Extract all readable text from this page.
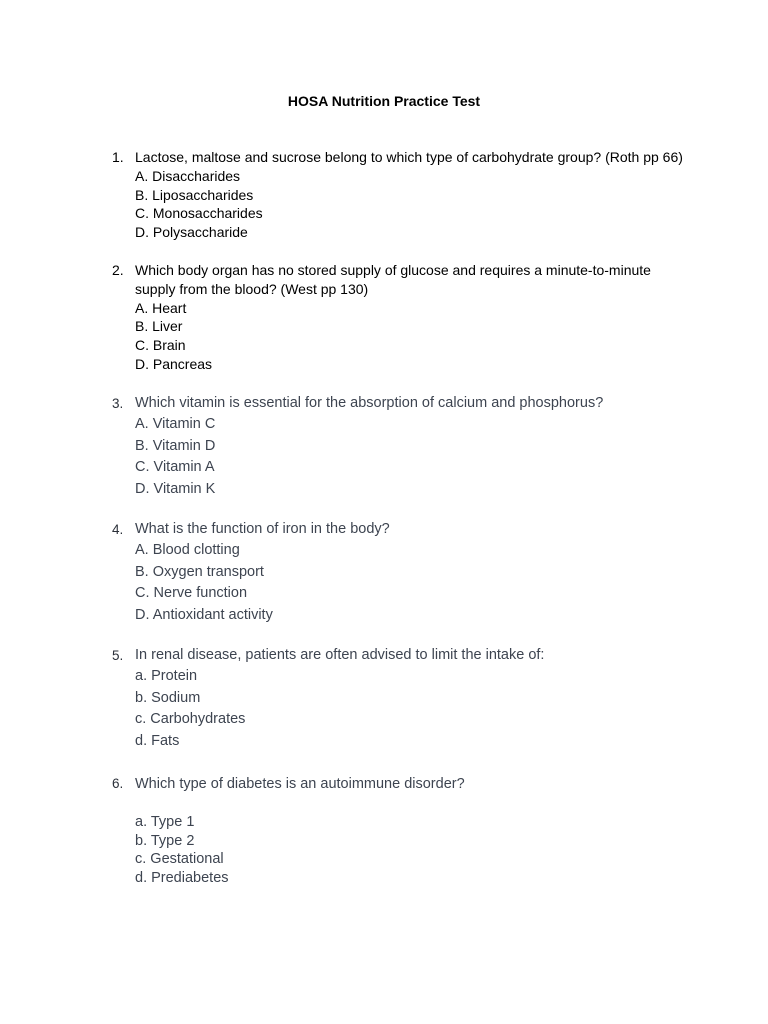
HOSA Nutrition Practice Test
1. Lactose, maltose and sucrose belong to which type of carbohydrate group? (Roth pp 66)
A. Disaccharides
B. Liposaccharides
C. Monosaccharides
D. Polysaccharide
2. Which body organ has no stored supply of glucose and requires a minute-to-minute
supply from the blood? (West pp 130)
A. Heart
B. Liver
C. Brain
D. Pancreas
3. Which vitamin is essential for the absorption of calcium and phosphorus?
A. Vitamin C
B. Vitamin D
C. Vitamin A
D. Vitamin K
4. What is the function of iron in the body?
A. Blood clotting
B. Oxygen transport
C. Nerve function
D. Antioxidant activity
5. In renal disease, patients are often advised to limit the intake of:
a. Protein
b. Sodium
c. Carbohydrates
d. Fats
6. Which type of diabetes is an autoimmune disorder?
a. Type 1
b. Type 2
c. Gestational
d. Prediabetes
